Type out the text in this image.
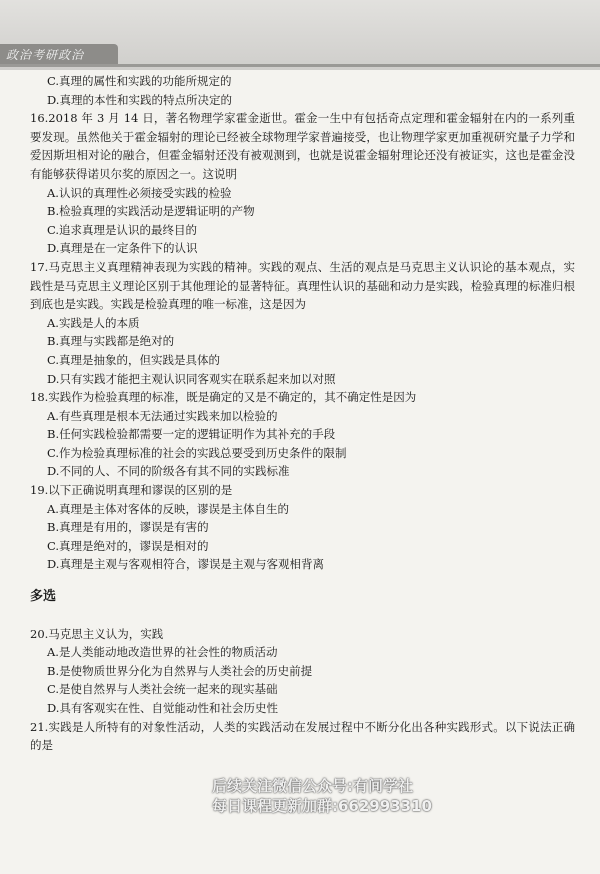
政治考研政治
C.真理的属性和实践的功能所规定的
D.真理的本性和实践的特点所决定的
16.2018 年 3 月 14 日，著名物理学家霍金逝世。霍金一生中有包括奇点定理和霍金辐射在内的一系列重要发现。虽然他关于霍金辐射的理论已经被全球物理学家普遍接受，也让物理学家更加重视研究量子力学和爱因斯坦相对论的融合，但霍金辐射还没有被观测到，也就是说霍金辐射理论还没有被证实，这也是霍金没有能够获得诺贝尔奖的原因之一。这说明
A.认识的真理性必须接受实践的检验
B.检验真理的实践活动是逻辑证明的产物
C.追求真理是认识的最终目的
D.真理是在一定条件下的认识
17.马克思主义真理精神表现为实践的精神。实践的观点、生活的观点是马克思主义认识论的基本观点，实践性是马克思主义理论区别于其他理论的显著特征。真理性认识的基础和动力是实践，检验真理的标准归根到底也是实践。实践是检验真理的唯一标准，这是因为
A.实践是人的本质
B.真理与实践都是绝对的
C.真理是抽象的，但实践是具体的
D.只有实践才能把主观认识同客观实在联系起来加以对照
18.实践作为检验真理的标准，既是确定的又是不确定的，其不确定性是因为
A.有些真理是根本无法通过实践来加以检验的
B.任何实践检验都需要一定的逻辑证明作为其补充的手段
C.作为检验真理标准的社会的实践总要受到历史条件的限制
D.不同的人、不同的阶级各有其不同的实践标准
19.以下正确说明真理和谬误的区别的是
A.真理是主体对客体的反映，谬误是主体自生的
B.真理是有用的，谬误是有害的
C.真理是绝对的，谬误是相对的
D.真理是主观与客观相符合，谬误是主观与客观相背离
多选
20.马克思主义认为，实践
A.是人类能动地改造世界的社会性的物质活动
B.是使物质世界分化为自然界与人类社会的历史前提
C.是使自然界与人类社会统一起来的现实基础
D.具有客观实在性、自觉能动性和社会历史性
21.实践是人所特有的对象性活动，人类的实践活动在发展过程中不断分化出各种实践形式。以下说法正确的是
后续关注微信公众号:有间学社
每日课程更新加群:662993310
